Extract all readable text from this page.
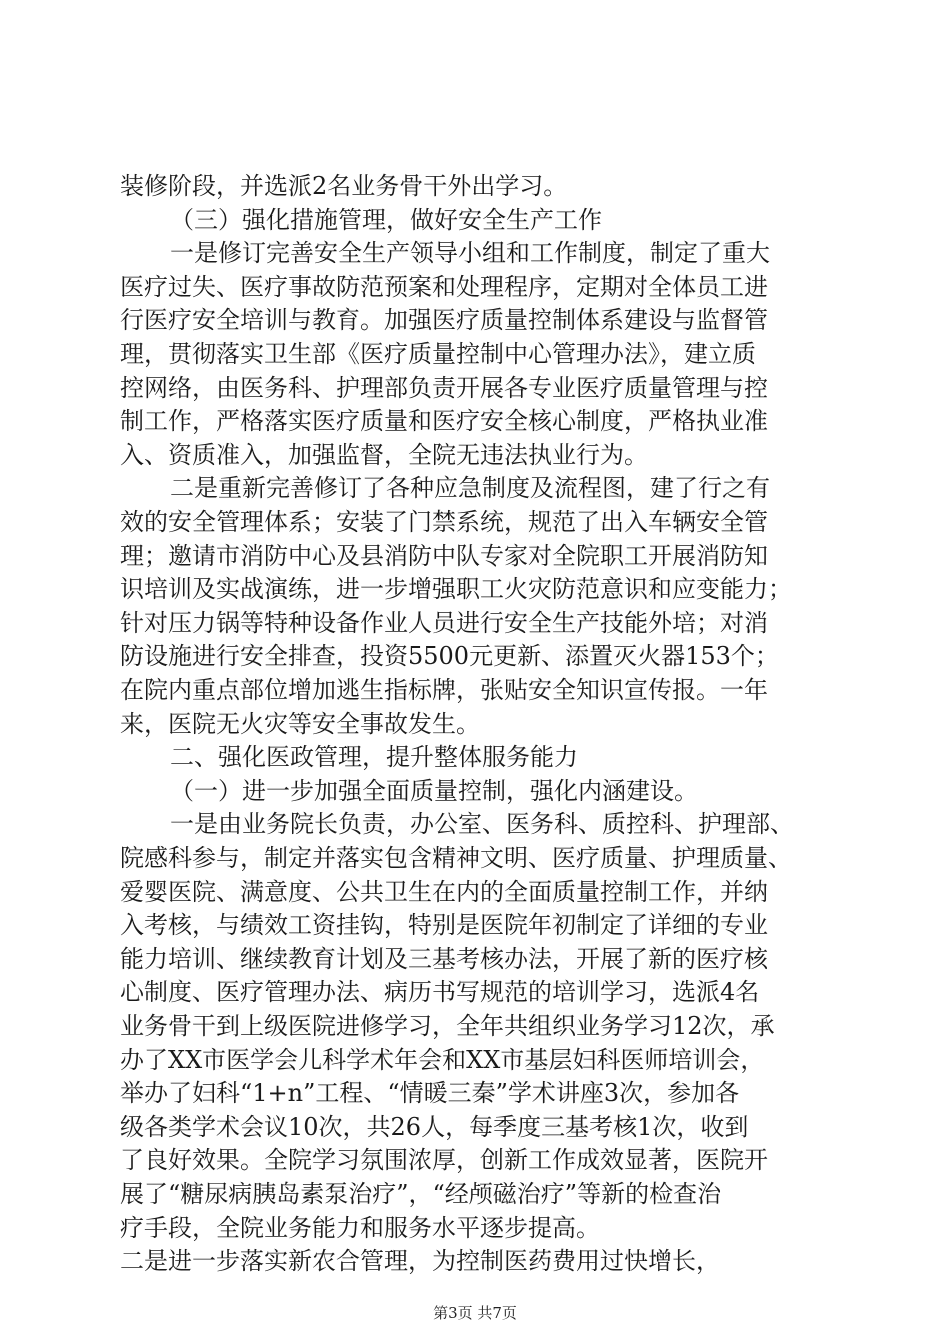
装修阶段，并选派2名业务骨干外出学习。
（三）强化措施管理，做好安全生产工作
一是修订完善安全生产领导小组和工作制度，制定了重大
医疗过失、医疗事故防范预案和处理程序，定期对全体员工进
行医疗安全培训与教育。加强医疗质量控制体系建设与监督管
理，贯彻落实卫生部《医疗质量控制中心管理办法》，建立质
控网络，由医务科、护理部负责开展各专业医疗质量管理与控
制工作，严格落实医疗质量和医疗安全核心制度，严格执业准
入、资质准入，加强监督，全院无违法执业行为。
二是重新完善修订了各种应急制度及流程图，建了行之有
效的安全管理体系；安装了门禁系统，规范了出入车辆安全管
理；邀请市消防中心及县消防中队专家对全院职工开展消防知
识培训及实战演练，进一步增强职工火灾防范意识和应变能力；
针对压力锅等特种设备作业人员进行安全生产技能外培；对消
防设施进行安全排查，投资5500元更新、添置灭火器153个；
在院内重点部位增加逃生指标牌，张贴安全知识宣传报。一年
来，医院无火灾等安全事故发生。
二、强化医政管理，提升整体服务能力
（一）进一步加强全面质量控制，强化内涵建设。
一是由业务院长负责，办公室、医务科、质控科、护理部、
院感科参与，制定并落实包含精神文明、医疗质量、护理质量、
爱婴医院、满意度、公共卫生在内的全面质量控制工作，并纳
入考核，与绩效工资挂钩，特别是医院年初制定了详细的专业
能力培训、继续教育计划及三基考核办法，开展了新的医疗核
心制度、医疗管理办法、病历书写规范的培训学习，选派4名
业务骨干到上级医院进修学习，全年共组织业务学习12次，承
办了XX市医学会儿科学术年会和XX市基层妇科医师培训会，
举办了妇科“1+n”工程、“情暖三秦”学术讲座3次，参加各
级各类学术会议10次，共26人，每季度三基考核1次，收到
了良好效果。全院学习氛围浓厚，创新工作成效显著，医院开
展了“糖尿病胰岛素泵治疗”，“经颅磁治疗”等新的检查治
疗手段，全院业务能力和服务水平逐步提高。
二是进一步落实新农合管理，为控制医药费用过快增长，
第3页 共7页
